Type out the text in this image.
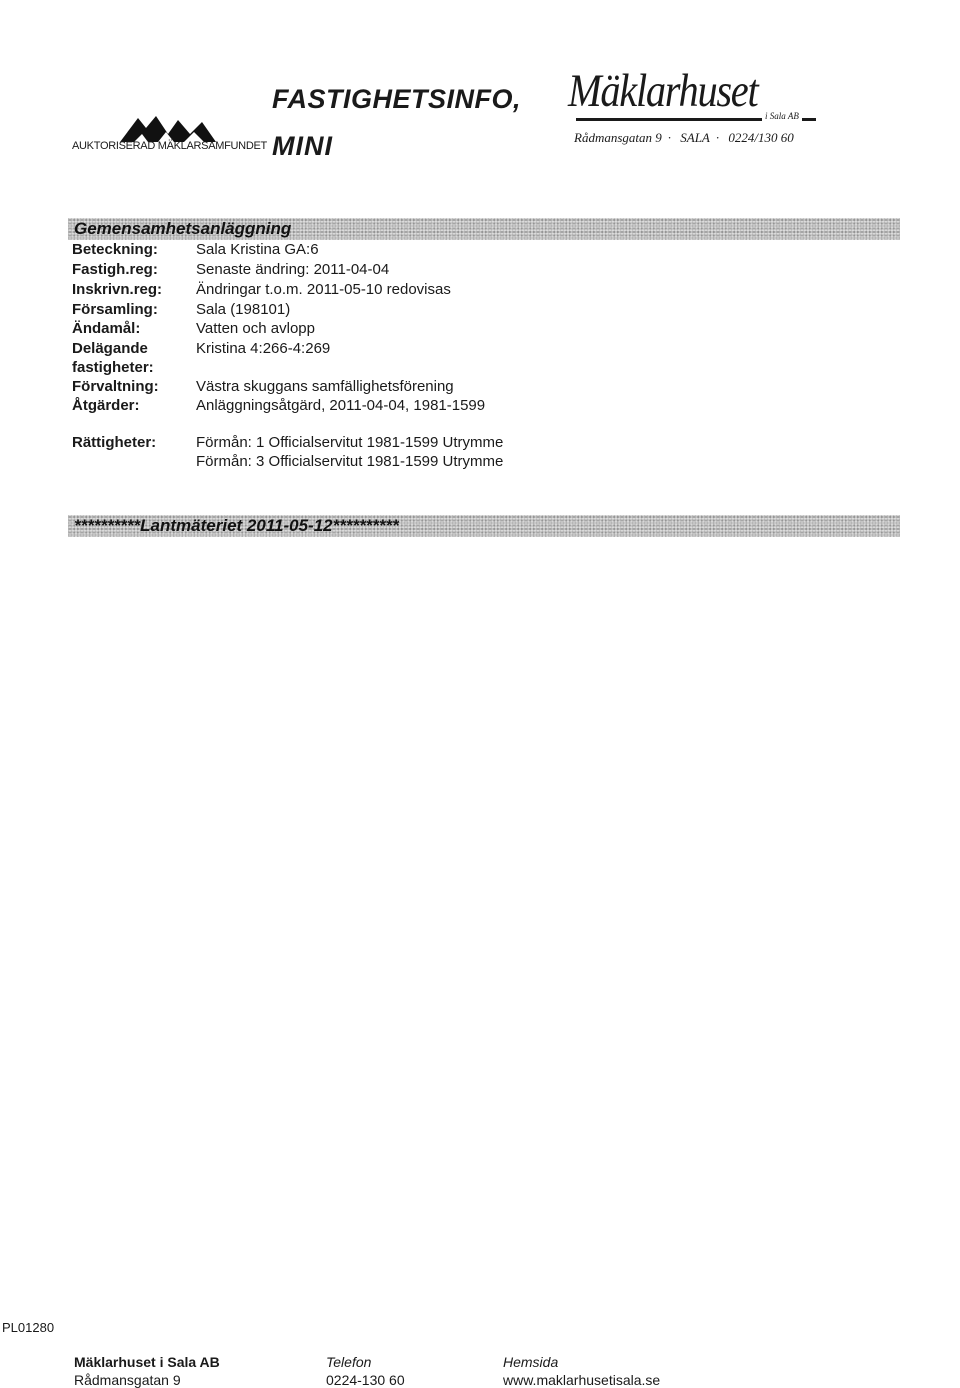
AUKTORISERAD MÄKLARSAMFUNDET
FASTIGHETSINFO,
MINI
Mäklarhuset i Sala AB
Rådmansgatan 9 · SALA · 0224/130 60
Gemensamhetsanläggning
Beteckning:	Sala Kristina GA:6
Fastigh.reg:	Senaste ändring: 2011-04-04
Inskrivn.reg: Ändringar t.o.m. 2011-05-10 redovisas
Församling:	Sala (198101)
Ändamål:	Vatten och avlopp
Delägande	Kristina 4:266-4:269
fastigheter:
Förvaltning: Västra skuggans samfällighetsförening
Åtgärder:	Anläggningsåtgärd, 2011-04-04, 1981-1599
Rättigheter:	Förmån: 1 Officialservitut 1981-1599 Utrymme
Förmån: 3 Officialservitut 1981-1599 Utrymme
**********Lantmäteriet 2011-05-12**********
PL01280
Mäklarhuset i Sala AB
Rådmansgatan 9
Telefon
0224-130 60
Hemsida
www.maklarhusetisala.se
